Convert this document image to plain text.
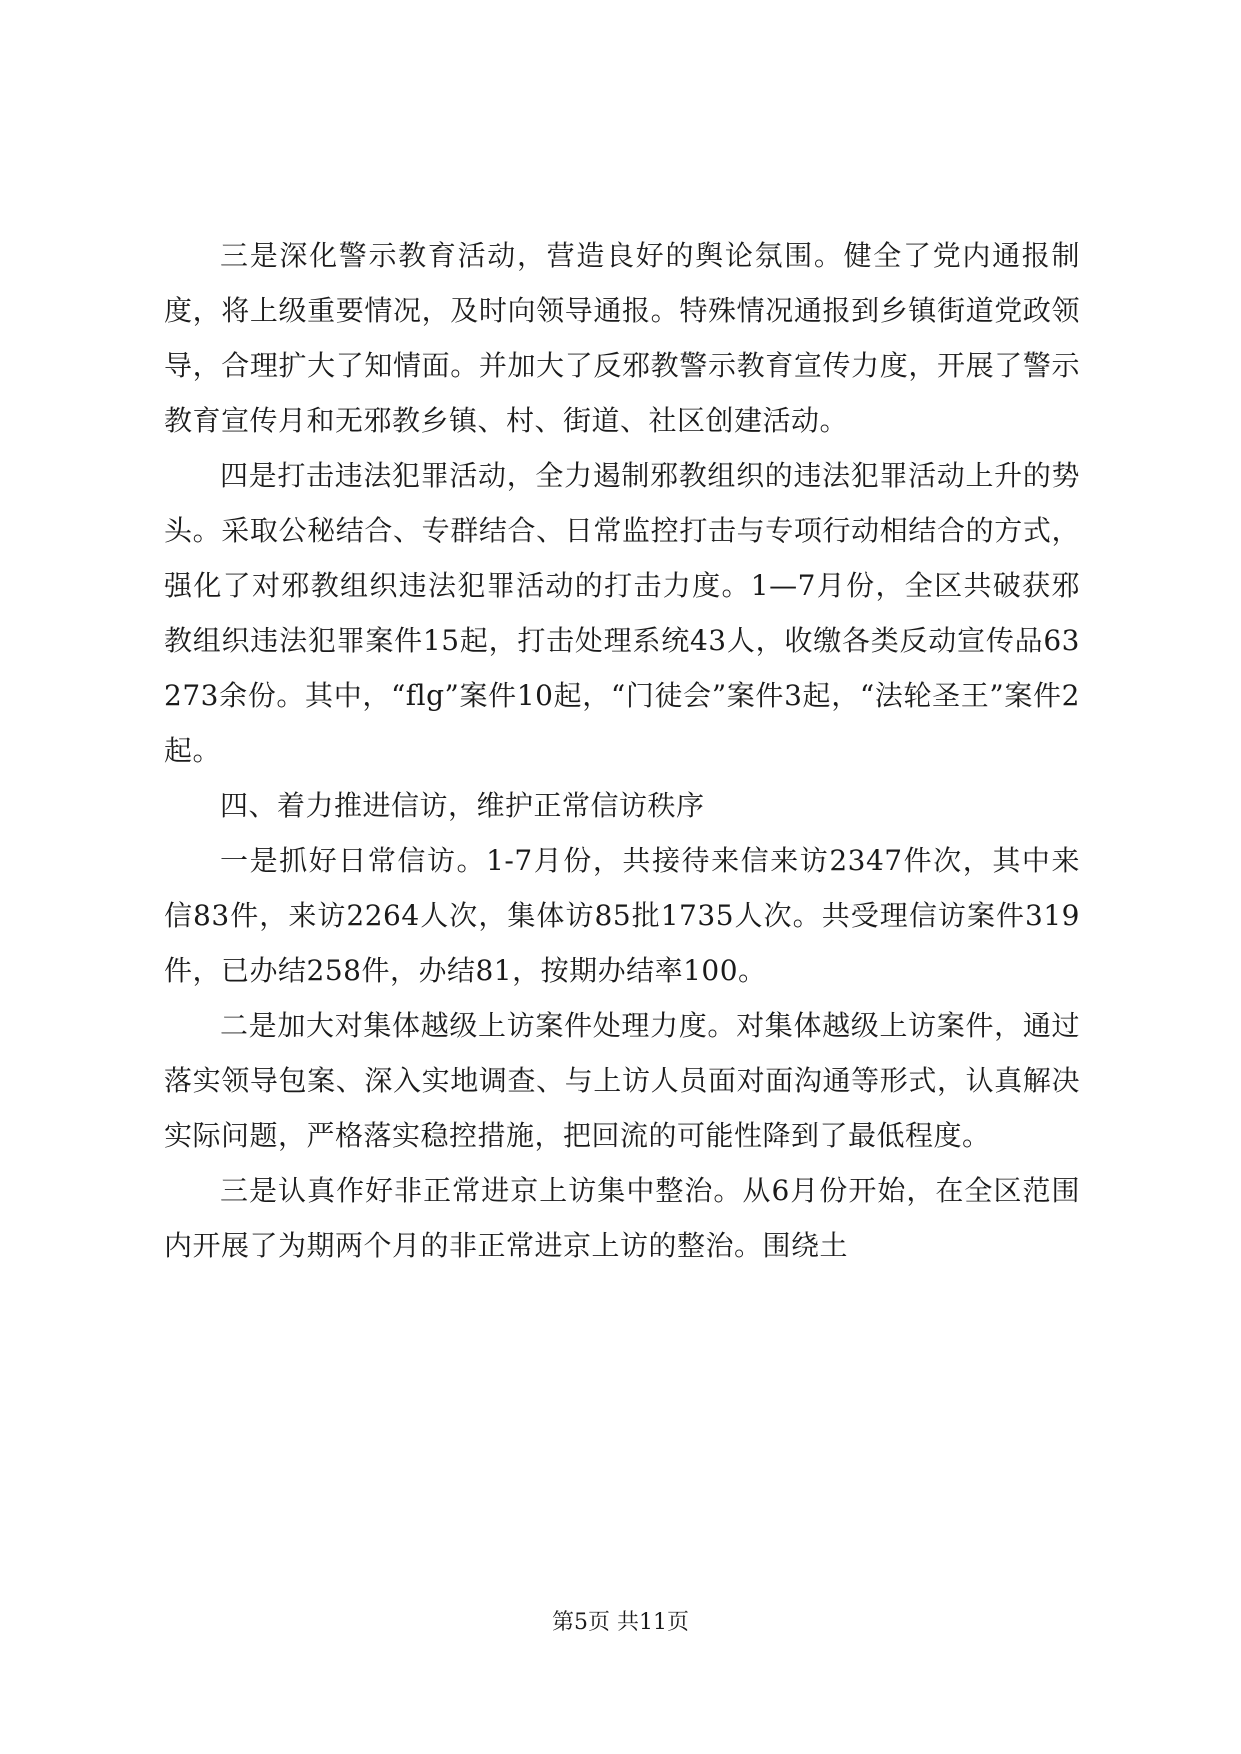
三是深化警示教育活动，营造良好的舆论氛围。健全了党内通报制度，将上级重要情况，及时向领导通报。特殊情况通报到乡镇街道党政领导，合理扩大了知情面。并加大了反邪教警示教育宣传力度，开展了警示教育宣传月和无邪教乡镇、村、街道、社区创建活动。

四是打击违法犯罪活动，全力遏制邪教组织的违法犯罪活动上升的势头。采取公秘结合、专群结合、日常监控打击与专项行动相结合的方式，强化了对邪教组织违法犯罪活动的打击力度。1—7月份，全区共破获邪教组织违法犯罪案件15起，打击处理系统43人，收缴各类反动宣传品63273余份。其中，“flg”案件10起，“门徒会”案件3起，“法轮圣王”案件2起。

四、着力推进信访，维护正常信访秩序

一是抓好日常信访。1-7月份，共接待来信来访2347件次，其中来信83件，来访2264人次，集体访85批1735人次。共受理信访案件319件，已办结258件，办结81，按期办结率100。

二是加大对集体越级上访案件处理力度。对集体越级上访案件，通过落实领导包案、深入实地调查、与上访人员面对面沟通等形式，认真解决实际问题，严格落实稳控措施，把回流的可能性降到了最低程度。

三是认真作好非正常进京上访集中整治。从6月份开始，在全区范围内开展了为期两个月的非正常进京上访的整治。围绕土

第5页 共11页
